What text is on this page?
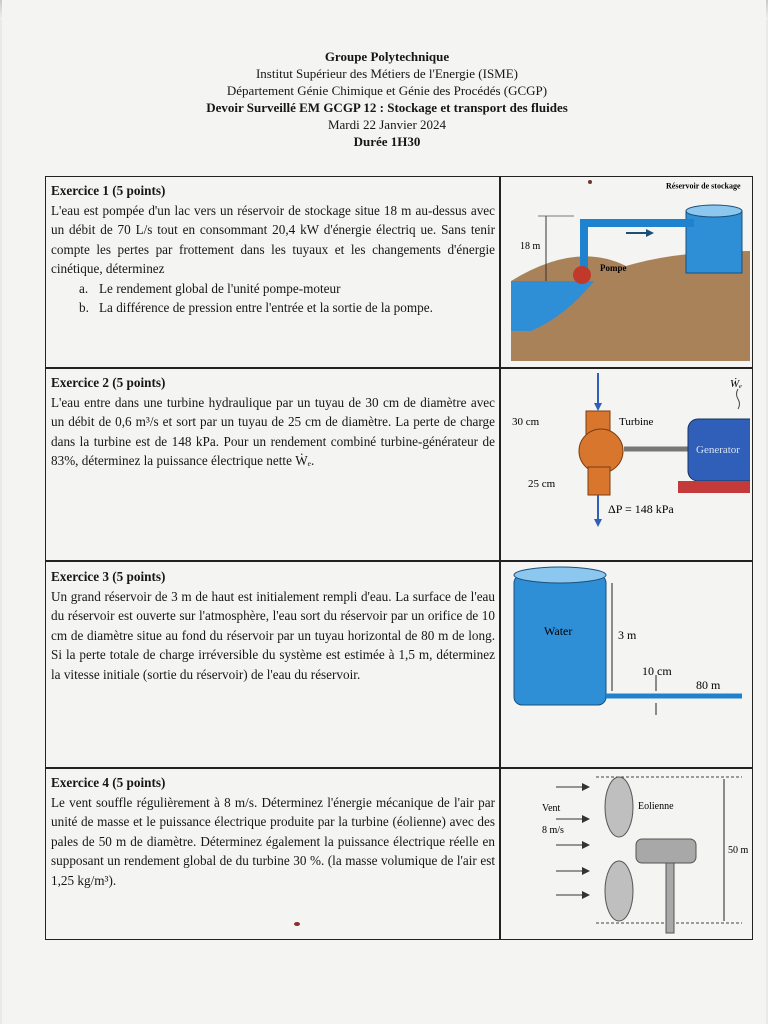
Groupe Polytechnique
Institut Supérieur des Métiers de l'Energie (ISME)
Département Génie Chimique et Génie des Procédés (GCGP)
Devoir Surveillé EM GCGP 12 : Stockage et transport des fluides
Mardi 22 Janvier 2024
Durée 1H30
Exercice 1 (5 points)

L'eau est pompée d'un lac vers un réservoir de stockage situe 18 m au-dessus avec un débit de 70 L/s tout en consommant 20,4 kW d'énergie électriq ue. Sans tenir compte les pertes par frottement dans les tuyaux et les changements d'énergie cinétique, déterminez

a. Le rendement global de l'unité pompe-moteur
b. La différence de pression entre l'entrée et la sortie de la pompe.
Exercice 2 (5 points)

L'eau entre dans une turbine hydraulique par un tuyau de 30 cm de diamètre avec un débit de 0,6 m³/s et sort par un tuyau de 25 cm de diamètre. La perte de charge dans la turbine est de 148 kPa. Pour un rendement combiné turbine-générateur de 83%, déterminez la puissance électrique nette Ẇₑ.

Exercice 3 (5 points)

Un grand réservoir de 3 m de haut est initialement rempli d'eau. La surface de l'eau du réservoir est ouverte sur l'atmosphère, l'eau sort du réservoir par un orifice de 10 cm de diamètre situe au fond du réservoir par un tuyau horizontal de 80 m de long. Si la perte totale de charge irréversible du système est estimée à 1,5 m, déterminez la vitesse initiale (sortie du réservoir) de l'eau du réservoir.

Exercice 4 (5 points)

Le vent souffle régulièrement à 8 m/s. Déterminez l'énergie mécanique de l'air par unité de masse et le puissance électrique produite par la turbine (éolienne) avec des pales de 50 m de diamètre. Déterminez également la puissance électrique réelle en supposant un rendement global de du turbine 30 %. (la masse volumique de l'air est 1,25 kg/m³).

18 m
Pompe
Réservoir de stockage
30 cm	Turbine
Generator
25 cm
ΔP = 148 kPa
Ẇₑ
Water	3 m
10 cm
80 m
Vent
8 m/s
Eolienne
50 m
